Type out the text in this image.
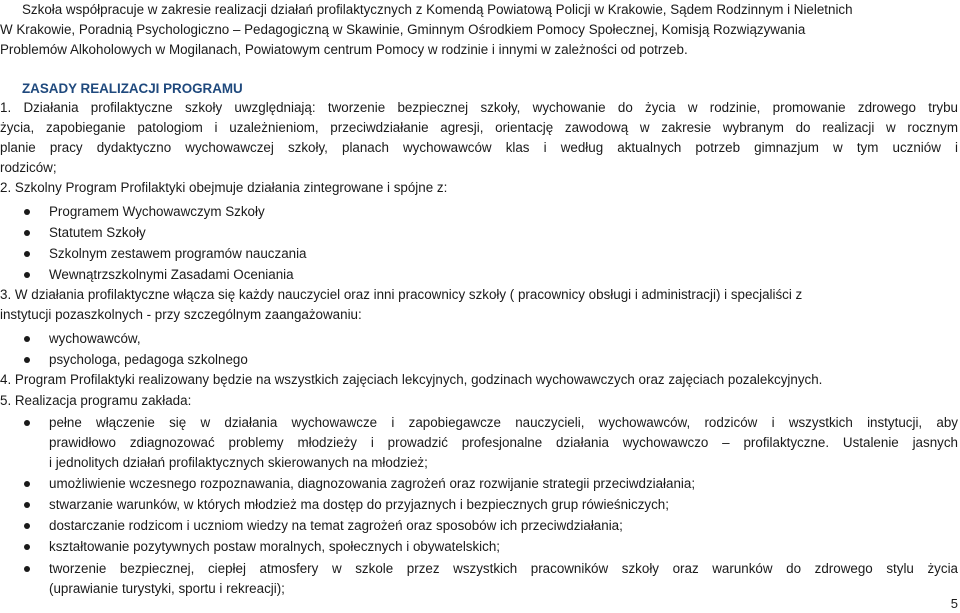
Szkoła współpracuje w zakresie realizacji działań profilaktycznych z Komendą Powiatową Policji w Krakowie, Sądem Rodzinnym i Nieletnich
W Krakowie, Poradnią Psychologiczno – Pedagogiczną w Skawinie, Gminnym Ośrodkiem Pomocy Społecznej, Komisją Rozwiązywania
Problemów Alkoholowych w Mogilanach, Powiatowym centrum Pomocy w rodzinie i innymi w zależności od potrzeb.
ZASADY REALIZACJI PROGRAMU
1. Działania profilaktyczne szkoły uwzględniają: tworzenie bezpiecznej szkoły, wychowanie do życia w rodzinie, promowanie zdrowego trybu
życia, zapobieganie patologiom i uzależnieniom, przeciwdziałanie agresji, orientację zawodową w zakresie wybranym do realizacji w rocznym
planie pracy dydaktyczno wychowawczej szkoły, planach wychowawców klas i według aktualnych potrzeb gimnazjum w tym uczniów i
rodziców;
2. Szkolny Program Profilaktyki obejmuje działania zintegrowane i spójne z:
Programem Wychowawczym Szkoły
Statutem Szkoły
Szkolnym zestawem programów nauczania
Wewnątrzszkolnymi Zasadami Oceniania
3. W działania profilaktyczne włącza się każdy nauczyciel oraz inni pracownicy szkoły ( pracownicy obsługi i administracji) i specjaliści z
instytucji pozaszkolnych - przy szczególnym zaangażowaniu:
wychowawców,
psychologa, pedagoga szkolnego
4. Program Profilaktyki realizowany będzie na wszystkich zajęciach lekcyjnych, godzinach wychowawczych oraz zajęciach pozalekcyjnych.
5. Realizacja programu zakłada:
pełne włączenie się w działania wychowawcze i zapobiegawcze nauczycieli, wychowawców, rodziców i wszystkich instytucji, aby
prawidłowo zdiagnozować problemy młodzieży i prowadzić profesjonalne działania wychowawczo – profilaktyczne. Ustalenie jasnych
i jednolitych działań profilaktycznych skierowanych na młodzież;
umożliwienie wczesnego rozpoznawania, diagnozowania zagrożeń oraz rozwijanie strategii przeciwdziałania;
stwarzanie warunków, w których młodzież ma dostęp do przyjaznych i bezpiecznych grup rówieśniczych;
dostarczanie rodzicom i uczniom wiedzy na temat zagrożeń oraz sposobów ich przeciwdziałania;
kształtowanie pozytywnych postaw moralnych, społecznych i obywatelskich;
tworzenie bezpiecznej, ciepłej atmosfery w szkole przez wszystkich pracowników szkoły oraz warunków do zdrowego stylu życia
(uprawianie turystyki, sportu i rekreacji);
5
